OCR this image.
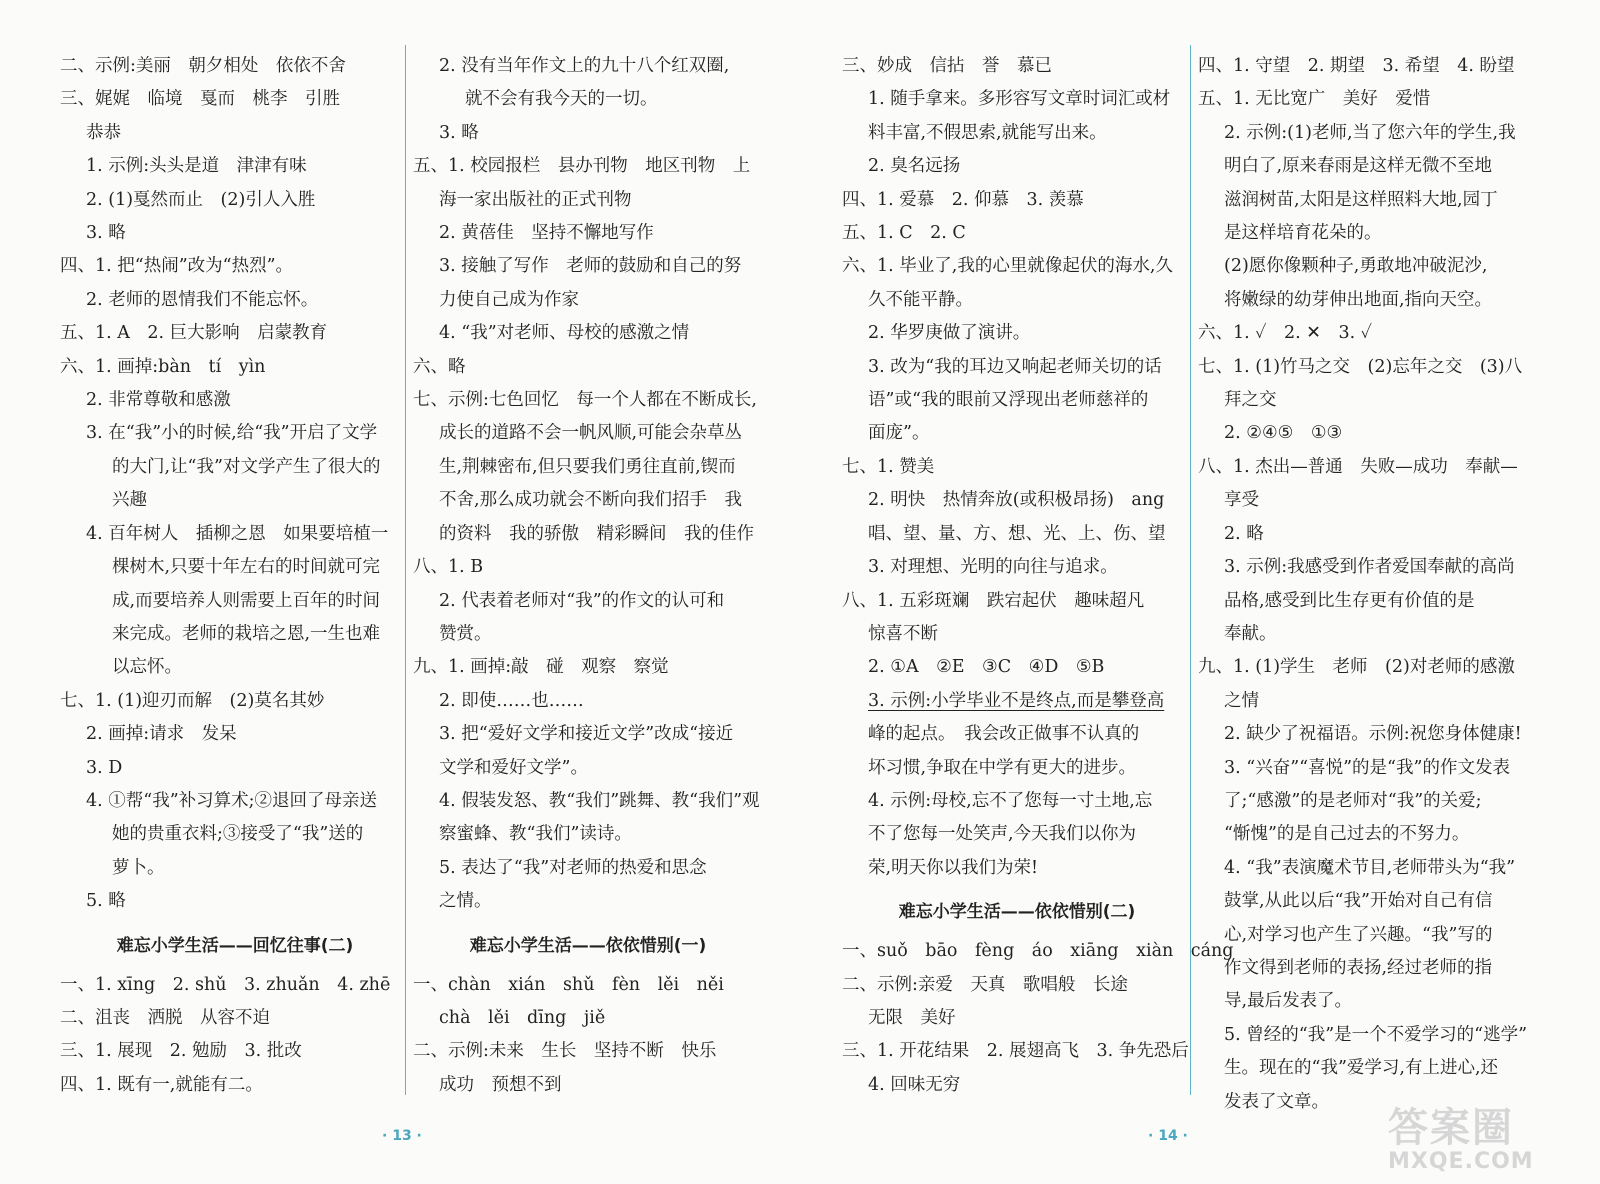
二、示例:美丽　朝夕相处　依依不舍

三、娓娓　临境　戛而　桃李　引胜

恭恭

1. 示例:头头是道　津津有味

2. (1)戛然而止　(2)引人入胜

3. 略

四、1. 把“热闹”改为“热烈”。

2. 老师的恩情我们不能忘怀。

五、1. A　2. 巨大影响　启蒙教育

六、1. 画掉:bàn　tí　yìn

2. 非常尊敬和感激

3. 在“我”小的时候,给“我”开启了文学

的大门,让“我”对文学产生了很大的

兴趣

4. 百年树人　插柳之恩　如果要培植一

棵树木,只要十年左右的时间就可完

成,而要培养人则需要上百年的时间

来完成。老师的栽培之恩,一生也难

以忘怀。

七、1. (1)迎刃而解　(2)莫名其妙

2. 画掉:请求　发呆

3. D

4. ①帮“我”补习算术;②退回了母亲送

她的贵重衣料;③接受了“我”送的

萝卜。

5. 略

难忘小学生活——回忆往事(二)

一、1. xīng　2. shǔ　3. zhuǎn　4. zhē

二、沮丧　洒脱　从容不迫

三、1. 展现　2. 勉励　3. 批改

四、1. 既有一,就能有二。

2. 没有当年作文上的九十八个红双圈,

就不会有我今天的一切。

3. 略

五、1. 校园报栏　县办刊物　地区刊物　上

海一家出版社的正式刊物

2. 黄蓓佳　坚持不懈地写作

3. 接触了写作　老师的鼓励和自己的努

力使自己成为作家

4. “我”对老师、母校的感激之情

六、略

七、示例:七色回忆　每一个人都在不断成长,

成长的道路不会一帆风顺,可能会杂草丛

生,荆棘密布,但只要我们勇往直前,锲而

不舍,那么成功就会不断向我们招手　我

的资料　我的骄傲　精彩瞬间　我的佳作

八、1. B

2. 代表着老师对“我”的作文的认可和

赞赏。

九、1. 画掉:敲　碰　观察　察觉

2. 即使……也……

3. 把“爱好文学和接近文学”改成“接近

文学和爱好文学”。

4. 假装发怒、教“我们”跳舞、教“我们”观

察蜜蜂、教“我们”读诗。

5. 表达了“我”对老师的热爱和思念

之情。

难忘小学生活——依依惜别(一)

一、chàn　xián　shǔ　fèn　lěi　něi

chà　lěi　dīng　jiě

二、示例:未来　生长　坚持不断　快乐

成功　预想不到

· 13 ·

三、妙成　信拈　誉　慕已

1. 随手拿来。多形容写文章时词汇或材

料丰富,不假思索,就能写出来。

2. 臭名远扬

四、1. 爱慕　2. 仰慕　3. 羡慕

五、1. C　2. C

六、1. 毕业了,我的心里就像起伏的海水,久

久不能平静。

2. 华罗庚做了演讲。

3. 改为“我的耳边又响起老师关切的话

语”或“我的眼前又浮现出老师慈祥的

面庞”。

七、1. 赞美

2. 明快　热情奔放(或积极昂扬)　ang

唱、望、量、方、想、光、上、伤、望

3. 对理想、光明的向往与追求。

八、1. 五彩斑斓　跌宕起伏　趣味超凡

惊喜不断

2. ①A　②E　③C　④D　⑤B

3. 示例:小学毕业不是终点,而是攀登高

峰的起点。　我会改正做事不认真的

坏习惯,争取在中学有更大的进步。

4. 示例:母校,忘不了您每一寸土地,忘

不了您每一处笑声,今天我们以你为

荣,明天你以我们为荣!

难忘小学生活——依依惜别(二)

一、suǒ　bāo　fèng　áo　xiāng　xiàn　cáng

二、示例:亲爱　天真　歌唱般　长途

无限　美好

三、1. 开花结果　2. 展翅高飞　3. 争先恐后

4. 回味无穷

四、1. 守望　2. 期望　3. 希望　4. 盼望

五、1. 无比宽广　美好　爱惜

2. 示例:(1)老师,当了您六年的学生,我

明白了,原来春雨是这样无微不至地

滋润树苗,太阳是这样照料大地,园丁

是这样培育花朵的。

(2)愿你像颗种子,勇敢地冲破泥沙,

将嫩绿的幼芽伸出地面,指向天空。

六、1. ✓　2. ✕　3. ✓

七、1. (1)竹马之交　(2)忘年之交　(3)八

拜之交

2. ②④⑤　①③

八、1. 杰出—普通　失败—成功　奉献—

享受

2. 略

3. 示例:我感受到作者爱国奉献的高尚

品格,感受到比生存更有价值的是

奉献。

九、1. (1)学生　老师　(2)对老师的感激

之情

2. 缺少了祝福语。示例:祝您身体健康!

3. “兴奋”“喜悦”的是“我”的作文发表

了;“感激”的是老师对“我”的关爱;

“惭愧”的是自己过去的不努力。

4. “我”表演魔术节目,老师带头为“我”

鼓掌,从此以后“我”开始对自己有信

心,对学习也产生了兴趣。“我”写的

作文得到老师的表扬,经过老师的指

导,最后发表了。

5. 曾经的“我”是一个不爱学习的“逃学”

生。现在的“我”爱学习,有上进心,还

发表了文章。

· 14 ·	答案圈
MXQE.COM
